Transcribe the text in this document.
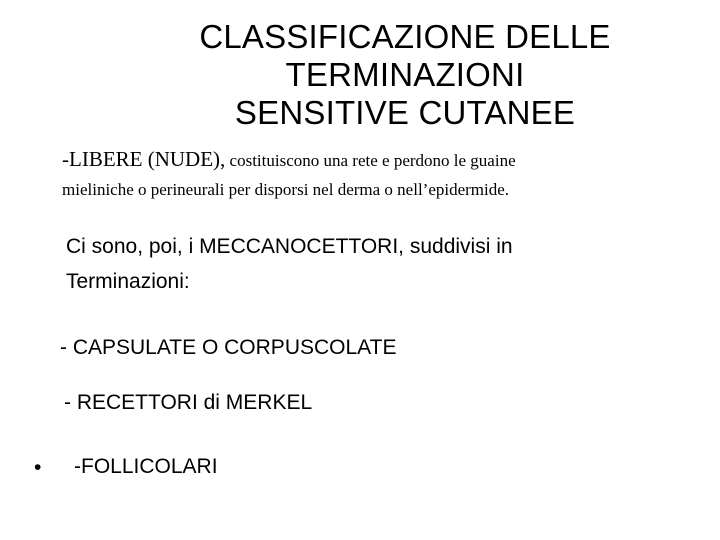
CLASSIFICAZIONE DELLE
TERMINAZIONI
SENSITIVE CUTANEE
-LIBERE (NUDE), costituiscono una rete e perdono le guaine
mieliniche o perineurali per disporsi nel derma o nell’epidermide.
Ci sono, poi, i MECCANOCETTORI, suddivisi in
Terminazioni:
- CAPSULATE O CORPUSCOLATE
- RECETTORI di MERKEL
• -FOLLICOLARI
